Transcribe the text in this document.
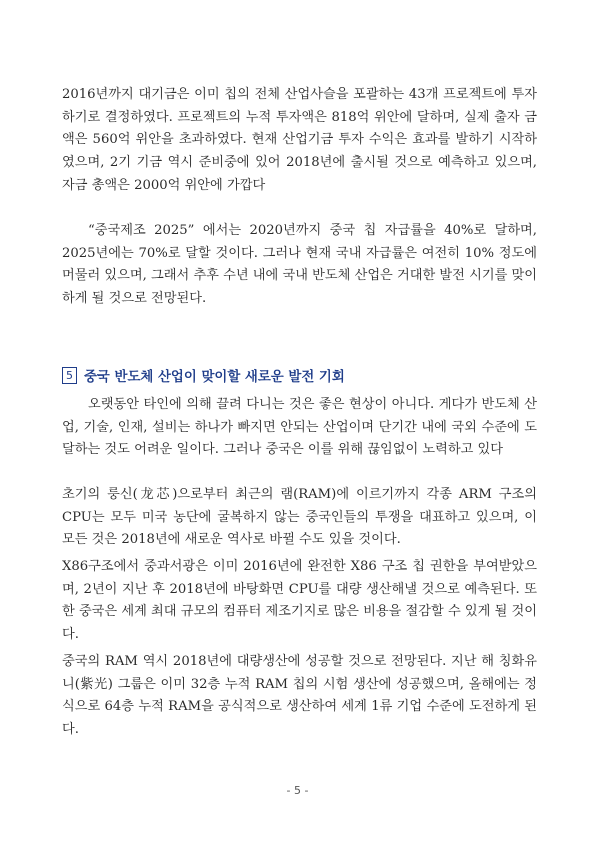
2016년까지 대기금은 이미 칩의 전체 산업사슬을 포괄하는 43개 프로젝트에 투자하기로 결정하였다. 프로젝트의 누적 투자액은 818억 위안에 달하며, 실제 출자 금액은 560억 위안을 초과하였다. 현재 산업기금 투자 수익은 효과를 발하기 시작하였으며, 2기 기금 역시 준비중에 있어 2018년에 출시될 것으로 예측하고 있으며, 자금 총액은 2000억 위안에 가깝다

“중국제조 2025” 에서는 2020년까지 중국 칩 자급률을 40%로 달하며, 2025년에는 70%로 달할 것이다. 그러나 현재 국내 자급률은 여전히 10% 정도에 머물러 있으며, 그래서 추후 수년 내에 국내 반도체 산업은 거대한 발전 시기를 맞이하게 될 것으로 전망된다.

5 중국 반도체 산업이 맞이할 새로운 발전 기회

오랫동안 타인에 의해 끌려 다니는 것은 좋은 현상이 아니다. 게다가 반도체 산업, 기술, 인재, 설비는 하나가 빠지면 안되는 산업이며 단기간 내에 국외 수준에 도달하는 것도 어려운 일이다. 그러나 중국은 이를 위해 끊임없이 노력하고 있다

초기의 룽신(龙芯)으로부터 최근의 램(RAM)에 이르기까지 각종 ARM 구조의 CPU는 모두 미국 농단에 굴복하지 않는 중국인들의 투쟁을 대표하고 있으며, 이 모든 것은 2018년에 새로운 역사로 바뀔 수도 있을 것이다.

X86구조에서 중과서광은 이미 2016년에 완전한 X86 구조 칩 권한을 부여받았으며, 2년이 지난 후 2018년에 바탕화면 CPU를 대량 생산해낼 것으로 예측된다. 또한 중국은 세계 최대 규모의 컴퓨터 제조기지로 많은 비용을 절감할 수 있게 될 것이다.

중국의 RAM 역시 2018년에 대량생산에 성공할 것으로 전망된다. 지난 해 칭화유니(紫光) 그룹은 이미 32층 누적 RAM 칩의 시험 생산에 성공했으며, 올해에는 정식으로 64층 누적 RAM을 공식적으로 생산하여 세계 1류 기업 수준에 도전하게 된다.

- 5 -
